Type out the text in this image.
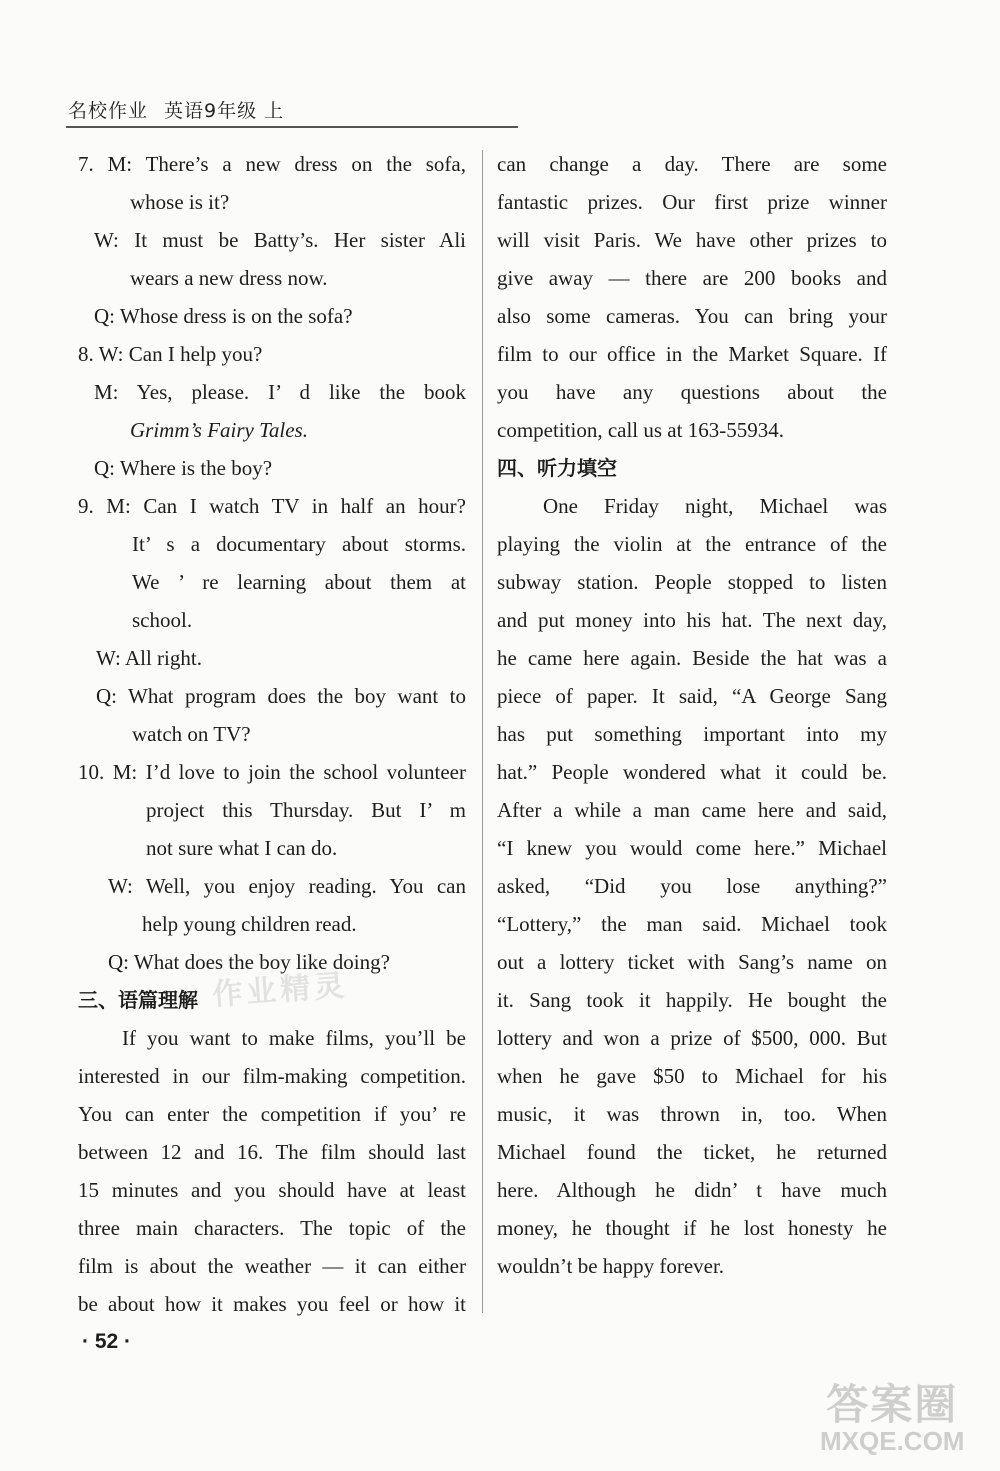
名校作业 英语9年级 上
7. M: There’s a new dress on the sofa,
whose is it?
W: It must be Batty’s. Her sister Ali
wears a new dress now.
Q: Whose dress is on the sofa?
8. W: Can I help you?
M: Yes, please. I’ d like the book
Grimm’s Fairy Tales.
Q: Where is the boy?
9. M: Can I watch TV in half an hour?
It’ s a documentary about storms.
We ’ re learning about them at
school.
W: All right.
Q: What program does the boy want to
watch on TV?
10. M: I’d love to join the school volunteer
project this Thursday. But I’ m
not sure what I can do.
W: Well, you enjoy reading. You can
help young children read.
Q: What does the boy like doing?
三、语篇理解
If you want to make films, you’ll be
interested in our film-making competition.
You can enter the competition if you’ re
between 12 and 16. The film should last
15 minutes and you should have at least
three main characters. The topic of the
film is about the weather — it can either
be about how it makes you feel or how it
can change a day. There are some
fantastic prizes. Our first prize winner
will visit Paris. We have other prizes to
give away — there are 200 books and
also some cameras. You can bring your
film to our office in the Market Square. If
you have any questions about the
competition, call us at 163-55934.
四、听力填空
One Friday night, Michael was
playing the violin at the entrance of the
subway station. People stopped to listen
and put money into his hat. The next day,
he came here again. Beside the hat was a
piece of paper. It said, “A George Sang
has put something important into my
hat.” People wondered what it could be.
After a while a man came here and said,
“I knew you would come here.” Michael
asked, “Did you lose anything?”
“Lottery,” the man said. Michael took
out a lottery ticket with Sang’s name on
it. Sang took it happily. He bought the
lottery and won a prize of $500, 000. But
when he gave $50 to Michael for his
music, it was thrown in, too. When
Michael found the ticket, he returned
here. Although he didn’ t have much
money, he thought if he lost honesty he
wouldn’t be happy forever.
· 52 ·
作业精灵
答案圈
MXQE.COM
